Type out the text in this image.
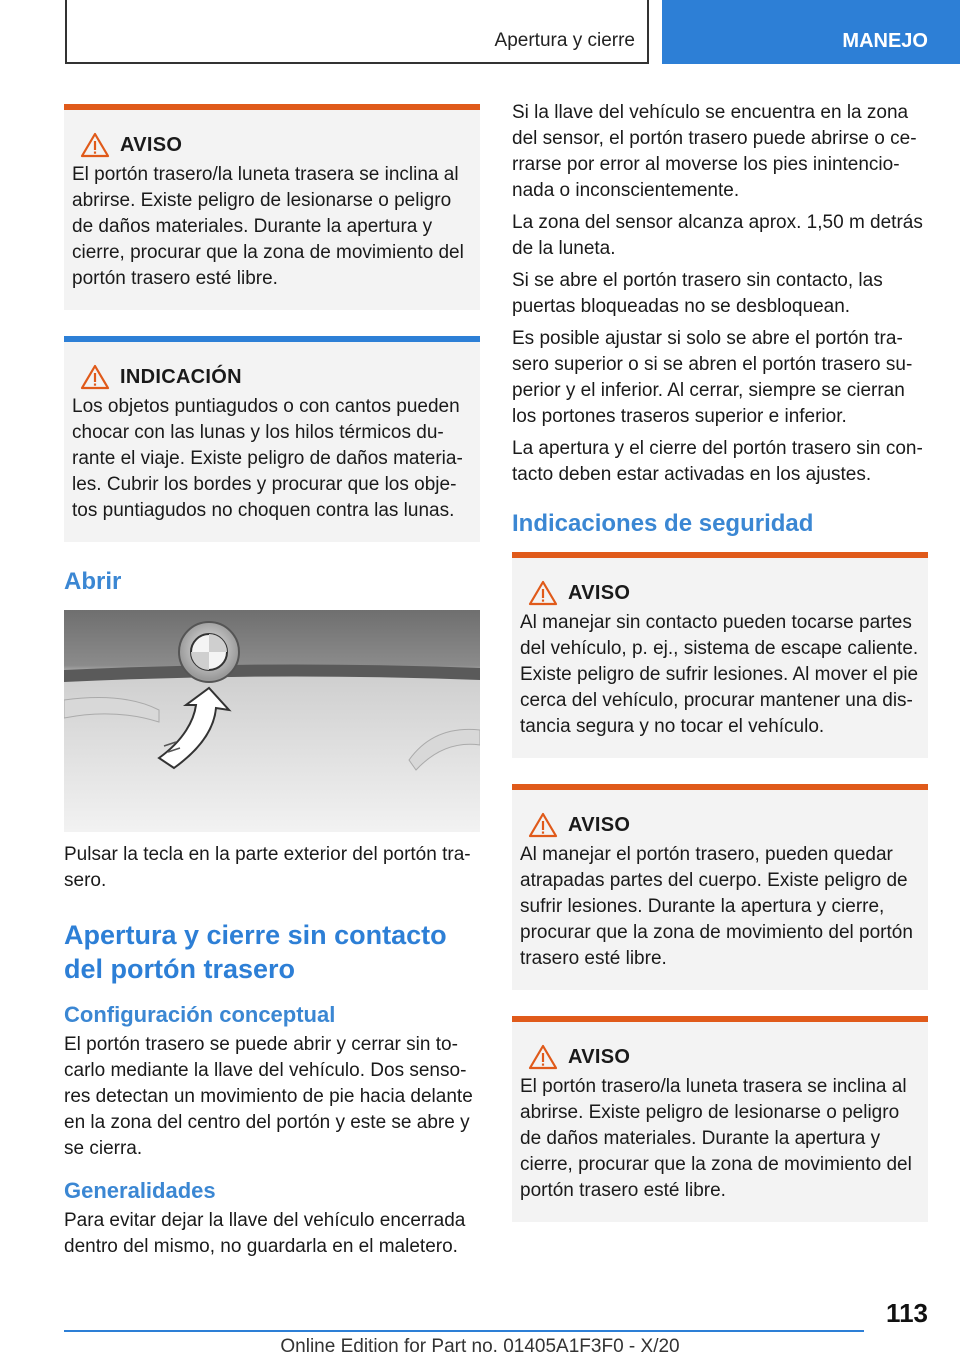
Apertura y cierre	MANEJO
AVISO
El portón trasero/la luneta trasera se inclina al abrirse. Existe peligro de lesionarse o peligro de daños materiales. Durante la apertura y cierre, procurar que la zona de movimiento del portón trasero esté libre.
INDICACIÓN
Los objetos puntiagudos o con cantos pueden chocar con las lunas y los hilos térmicos durante el viaje. Existe peligro de daños materiales. Cubrir los bordes y procurar que los objetos puntiagudos no choquen contra las lunas.
Abrir

Pulsar la tecla en la parte exterior del portón trasero.

Apertura y cierre sin contacto del portón trasero
Configuración conceptual

El portón trasero se puede abrir y cerrar sin tocarlo mediante la llave del vehículo. Dos sensores detectan un movimiento de pie hacia delante en la zona del centro del portón y este se abre y se cierra.

Generalidades

Para evitar dejar la llave del vehículo encerrada dentro del mismo, no guardarla en el maletero.

Si la llave del vehículo se encuentra en la zona del sensor, el portón trasero puede abrirse o cerrarse por error al moverse los pies inintencionada o inconscientemente.

La zona del sensor alcanza aprox. 1,50 m detrás de la luneta.

Si se abre el portón trasero sin contacto, las puertas bloqueadas no se desbloquean.

Es posible ajustar si solo se abre el portón trasero superior o si se abren el portón trasero superior y el inferior. Al cerrar, siempre se cierran los portones traseros superior e inferior.

La apertura y el cierre del portón trasero sin contacto deben estar activadas en los ajustes.

Indicaciones de seguridad
AVISO
Al manejar sin contacto pueden tocarse partes del vehículo, p. ej., sistema de escape caliente. Existe peligro de sufrir lesiones. Al mover el pie cerca del vehículo, procurar mantener una distancia segura y no tocar el vehículo.
AVISO
Al manejar el portón trasero, pueden quedar atrapadas partes del cuerpo. Existe peligro de sufrir lesiones. Durante la apertura y cierre, procurar que la zona de movimiento del portón trasero esté libre.
AVISO
El portón trasero/la luneta trasera se inclina al abrirse. Existe peligro de lesionarse o peligro de daños materiales. Durante la apertura y cierre, procurar que la zona de movimiento del portón trasero esté libre.
113
Online Edition for Part no. 01405A1F3F0 - X/20
